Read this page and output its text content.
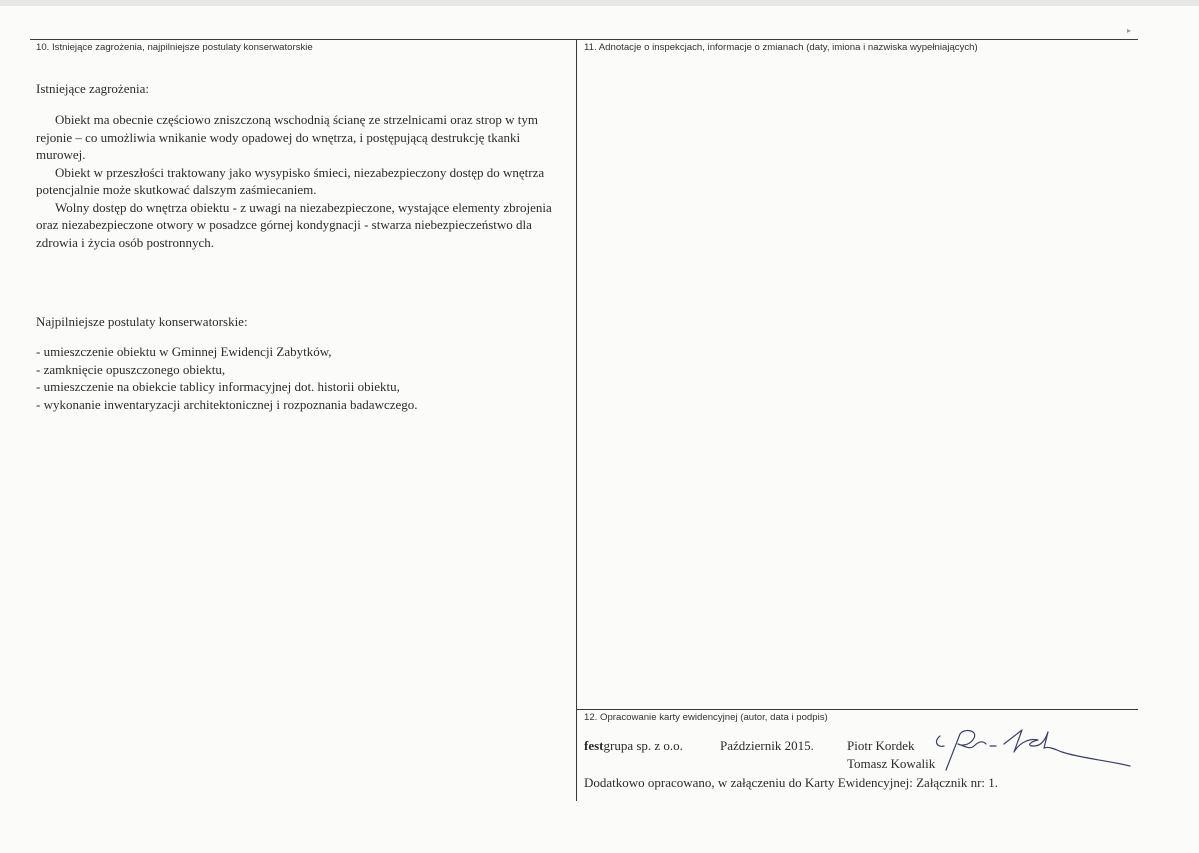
10. Istniejące zagrożenia, najpilniejsze postulaty konserwatorskie
Istniejące zagrożenia:

Obiekt ma obecnie częściowo zniszczoną wschodnią ścianę ze strzelnicami oraz strop w tym rejonie – co umożliwia wnikanie wody opadowej do wnętrza, i postępującą destrukcję tkanki murowej.

Obiekt w przeszłości traktowany jako wysypisko śmieci, niezabezpieczony dostęp do wnętrza potencjalnie może skutkować dalszym zaśmiecaniem.

Wolny dostęp do wnętrza obiektu - z uwagi na niezabezpieczone, wystające elementy zbrojenia oraz niezabezpieczone otwory w posadzce górnej kondygnacji - stwarza niebezpieczeństwo dla zdrowia i życia osób postronnych.

Najpilniejsze postulaty konserwatorskie:

- umieszczenie obiektu w Gminnej Ewidencji Zabytków,

- zamknięcie opuszczonego obiektu,

- umieszczenie na obiekcie tablicy informacyjnej dot. historii obiektu,

- wykonanie inwentaryzacji architektonicznej i rozpoznania badawczego.

11. Adnotacje o inspekcjach, informacje o zmianach (daty, imiona i nazwiska wypełniających)
12. Opracowanie karty ewidencyjnej (autor, data i podpis)
festgrupa sp. z o.o.	Październik 2015.	Piotr Kordek
Tomasz Kowalik
Dodatkowo opracowano, w załączeniu do Karty Ewidencyjnej: Załącznik nr: 1.
▸
